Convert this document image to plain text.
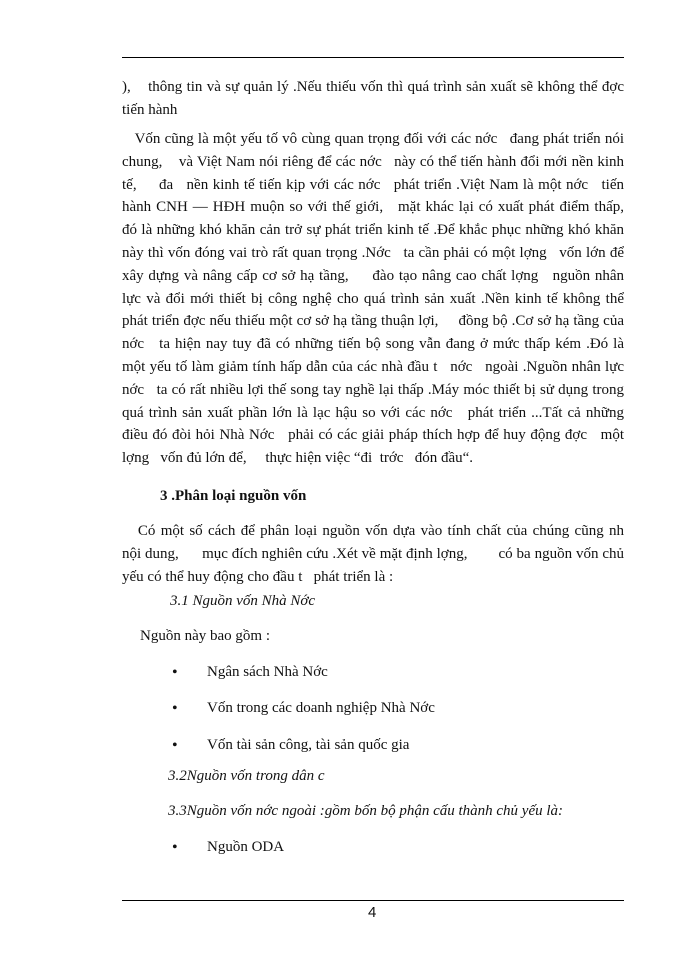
),    thông tin và sự quản lý .Nếu thiếu vốn thì quá trình sản xuất sẽ không thể đợc   tiến hành

Vốn cũng là một yếu tố vô cùng quan trọng đối với các nớc   đang phát triển nói chung,    và Việt Nam nói riêng để các nớc   này có thể tiến hành đổi mới nền kinh tế,     đa   nền kinh tế tiến kịp với các nớc   phát triển .Việt Nam là một nớc   tiến hành CNH — HĐH muộn so với thế giới,   mặt khác lại có xuất phát điểm thấp,      đó là những khó khăn cản trở sự phát triển kinh tế .Để khắc phục những khó khăn này thì vốn đóng vai trò rất quan trọng .Nớc   ta cần phải có một lợng   vốn lớn để xây dựng và nâng cấp cơ sở hạ tầng,     đào tạo nâng cao chất lợng   nguồn nhân lực và đổi mới thiết bị công nghệ cho quá trình sản xuất .Nền kinh tế không thể phát triển đợc nếu thiếu một cơ sở hạ tầng thuận lợi,     đồng bộ .Cơ sở hạ tầng của nớc   ta hiện nay tuy đã có những tiến bộ song vẫn đang ở mức thấp kém .Đó là một yếu tố làm giảm tính hấp dẫn của các nhà đầu t   nớc   ngoài .Nguồn nhân lực nớc   ta có rất nhiều lợi thế song tay nghề lại thấp .Máy móc thiết bị sử dụng trong quá trình sản xuất phần lớn là lạc hậu so với các nớc   phát triển ...Tất cả những điều đó đòi hỏi Nhà Nớc   phải có các giải pháp thích hợp để huy động đợc   một lợng   vốn đủ lớn để,     thực hiện việc “đi  trớc   đón đầu“.

3 .Phân loại nguồn vốn

Có một số cách để phân loại nguồn vốn dựa vào tính chất của chúng cũng nh   nội dung,      mục đích nghiên cứu .Xét về mặt định lợng,        có ba nguồn vốn chủ yếu có thể huy động cho đầu t   phát triển là :

3.1 Nguồn vốn Nhà Nớc

Nguồn này bao gồm :

•	Ngân sách Nhà Nớc
•	Vốn trong các doanh nghiệp Nhà Nớc
•	Vốn tài sản công, tài sản quốc gia

3.2Nguồn vốn trong dân c

3.3Nguồn vốn nớc ngoài :gồm bốn bộ phận cấu thành chủ yếu là:

•	Nguồn ODA

4
